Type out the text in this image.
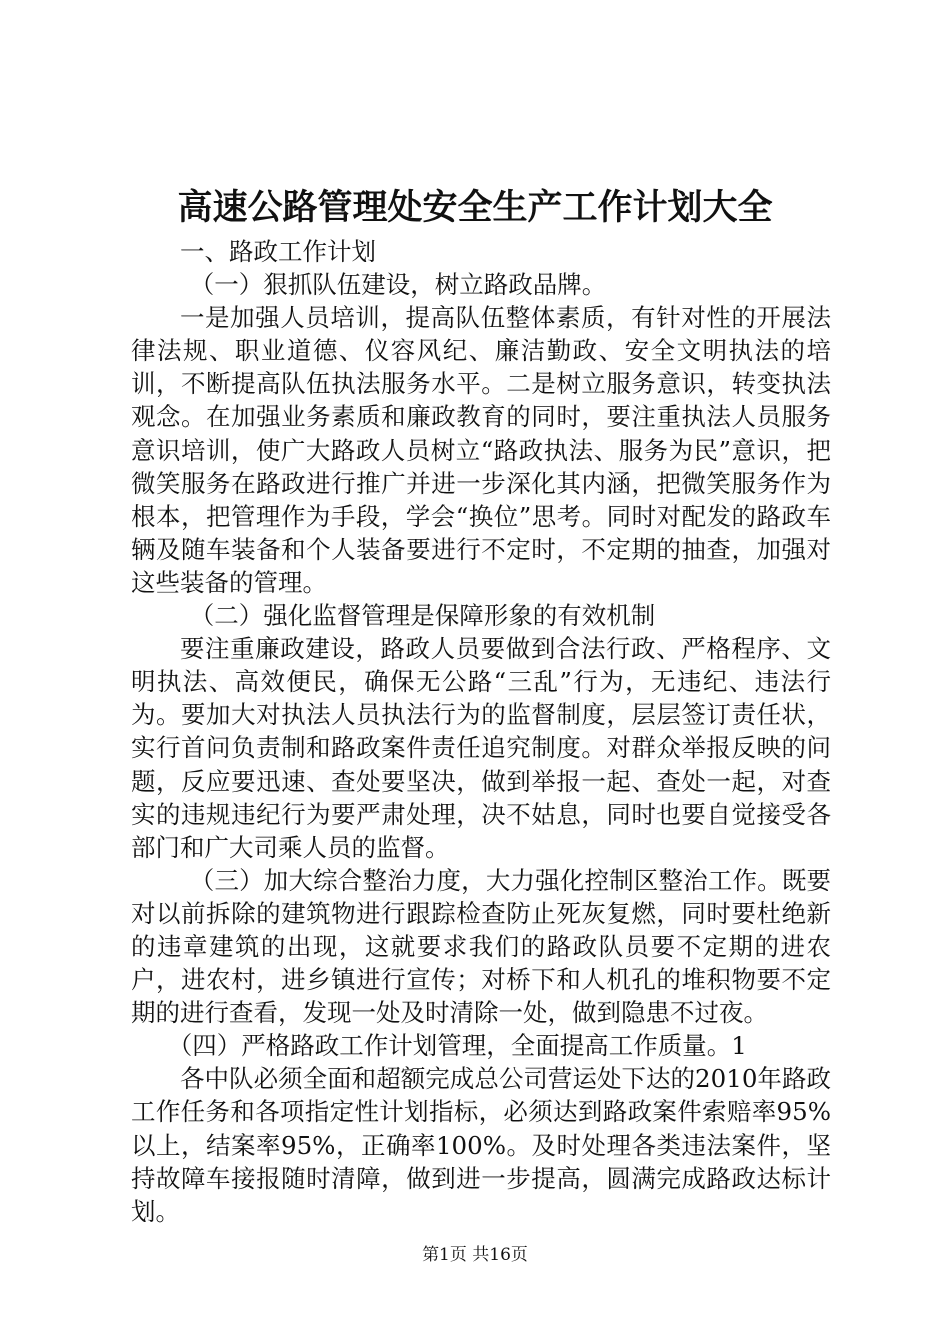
高速公路管理处安全生产工作计划大全

一、路政工作计划

（一）狠抓队伍建设，树立路政品牌。

一是加强人员培训，提高队伍整体素质，有针对性的开展法律法规、职业道德、仪容风纪、廉洁勤政、安全文明执法的培训，不断提高队伍执法服务水平。二是树立服务意识，转变执法观念。在加强业务素质和廉政教育的同时，要注重执法人员服务意识培训，使广大路政人员树立“路政执法、服务为民”意识，把微笑服务在路政进行推广并进一步深化其内涵，把微笑服务作为根本，把管理作为手段，学会“换位”思考。同时对配发的路政车辆及随车装备和个人装备要进行不定时，不定期的抽查，加强对这些装备的管理。

（二）强化监督管理是保障形象的有效机制

要注重廉政建设，路政人员要做到合法行政、严格程序、文明执法、高效便民，确保无公路“三乱”行为，无违纪、违法行为。要加大对执法人员执法行为的监督制度，层层签订责任状，实行首问负责制和路政案件责任追究制度。对群众举报反映的问题，反应要迅速、查处要坚决，做到举报一起、查处一起，对查实的违规违纪行为要严肃处理，决不姑息，同时也要自觉接受各部门和广大司乘人员的监督。

（三）加大综合整治力度，大力强化控制区整治工作。既要对以前拆除的建筑物进行跟踪检查防止死灰复燃，同时要杜绝新的违章建筑的出现，这就要求我们的路政队员要不定期的进农户，进农村，进乡镇进行宣传；对桥下和人机孔的堆积物要不定期的进行查看，发现一处及时清除一处，做到隐患不过夜。

（四）严格路政工作计划管理，全面提高工作质量。1

各中队必须全面和超额完成总公司营运处下达的2010年路政工作任务和各项指定性计划指标，必须达到路政案件索赔率95%以上，结案率95%，正确率100%。及时处理各类违法案件，坚持故障车接报随时清障，做到进一步提高，圆满完成路政达标计划。

第1页 共16页
